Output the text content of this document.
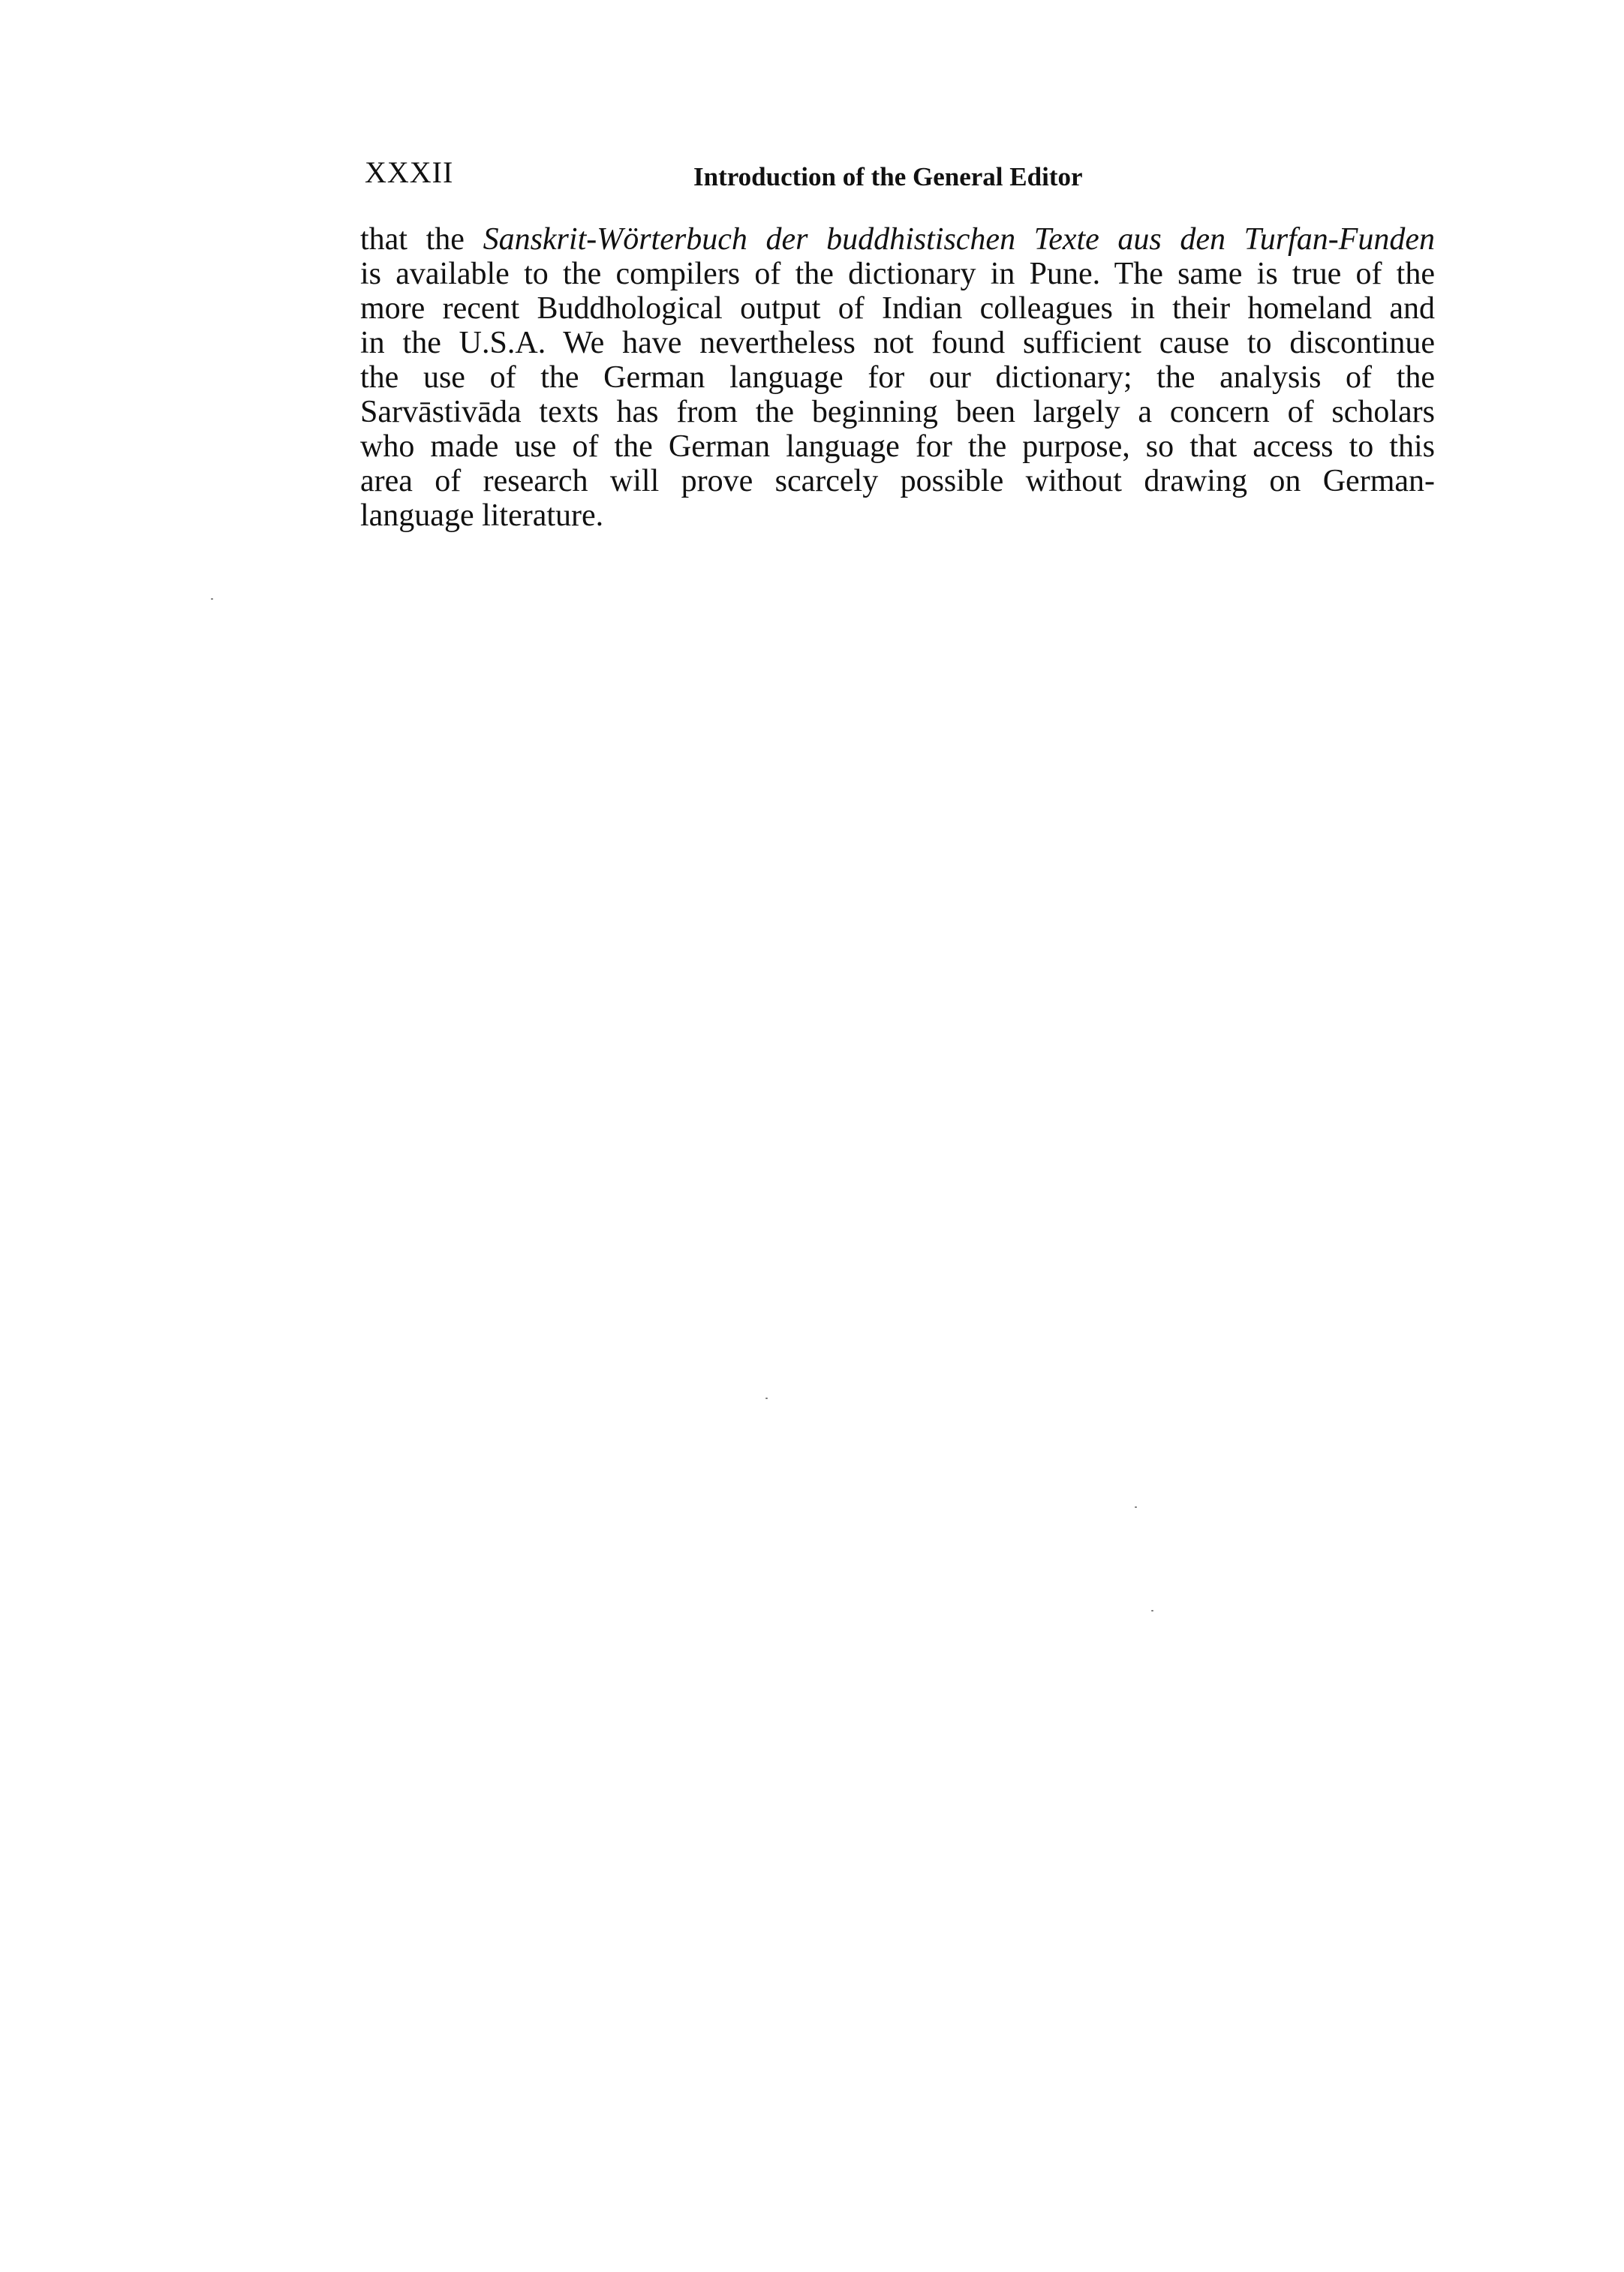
XXXII	Introduction of the General Editor
that the Sanskrit-Wörterbuch der buddhistischen Texte aus den Turfan-Funden
is available to the compilers of the dictionary in Pune. The same is true of the
more recent Buddhological output of Indian colleagues in their homeland and
in the U.S.A. We have nevertheless not found sufficient cause to discontinue
the use of the German language for our dictionary; the analysis of the
Sarvāstivāda texts has from the beginning been largely a concern of scholars
who made use of the German language for the purpose, so that access to this
area of research will prove scarcely possible without drawing on German-
language literature.
